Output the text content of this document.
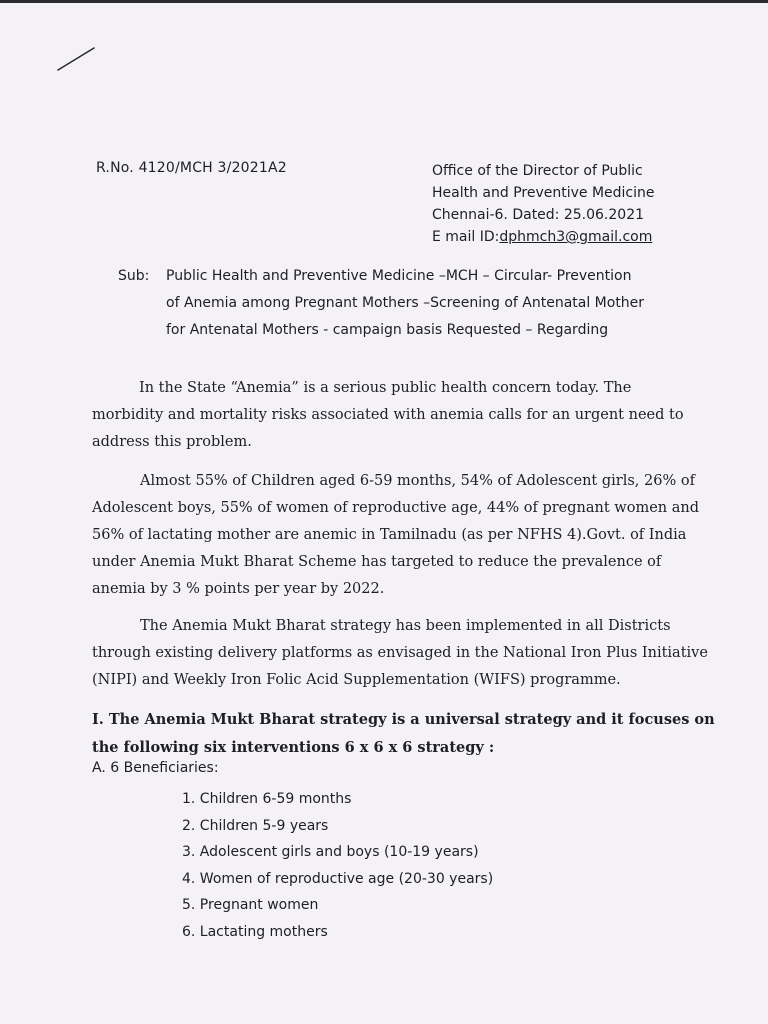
R.No. 4120/MCH 3/2021A2	Office of the Director of Public
Health and Preventive Medicine
Chennai-6. Dated: 25.06.2021
E mail ID:dphmch3@gmail.com
Sub: Public Health and Preventive Medicine –MCH – Circular- Prevention
of Anemia among Pregnant Mothers –Screening of Antenatal Mother
for Antenatal Mothers - campaign basis Requested – Regarding
In the State “Anemia” is a serious public health concern today. The
morbidity and mortality risks associated with anemia calls for an urgent need to
address this problem.
Almost 55% of Children aged 6-59 months, 54% of Adolescent girls, 26% of
Adolescent boys, 55% of women of reproductive age, 44% of pregnant women and
56% of lactating mother are anemic in Tamilnadu (as per NFHS 4).Govt. of India
under Anemia Mukt Bharat Scheme has targeted to reduce the prevalence of
anemia by 3 % points per year by 2022.
The Anemia Mukt Bharat strategy has been implemented in all Districts
through existing delivery platforms as envisaged in the National Iron Plus Initiative
(NIPI) and Weekly Iron Folic Acid Supplementation (WIFS) programme.
I. The Anemia Mukt Bharat strategy is a universal strategy and it focuses on
the following six interventions 6 x 6 x 6 strategy :
A. 6 Beneficiaries:
1. Children 6-59 months
2. Children 5-9 years
3. Adolescent girls and boys (10-19 years)
4. Women of reproductive age (20-30 years)
5. Pregnant women
6. Lactating mothers
